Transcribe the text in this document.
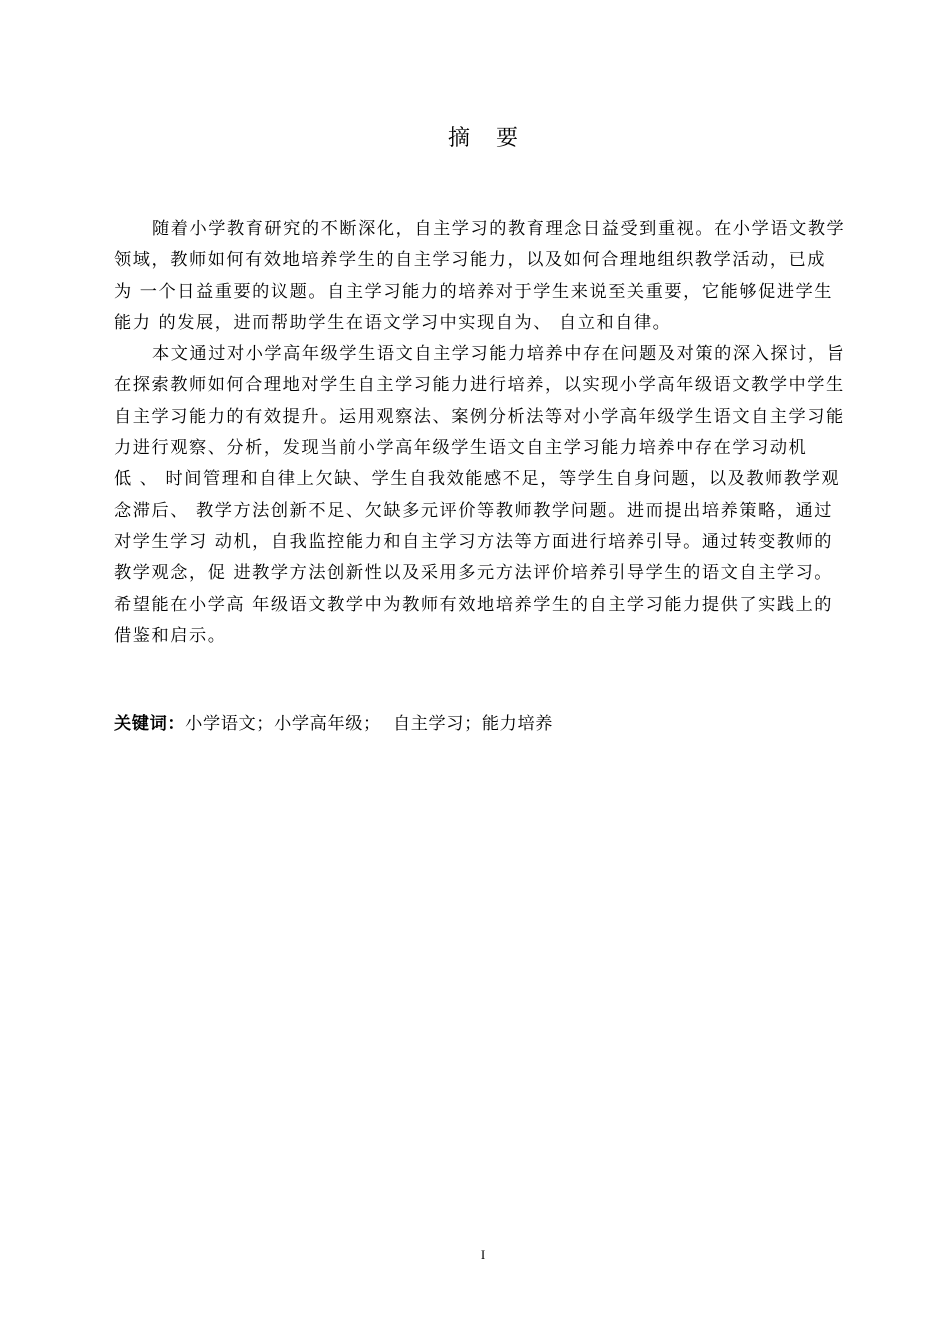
摘 要
随着小学教育研究的不断深化，自主学习的教育理念日益受到重视。在小学语文教学
领域，教师如何有效地培养学生的自主学习能力，以及如何合理地组织教学活动，已成
为 一个日益重要的议题。自主学习能力的培养对于学生来说至关重要，它能够促进学生
能力 的发展，进而帮助学生在语文学习中实现自为、 自立和自律。
本文通过对小学高年级学生语文自主学习能力培养中存在问题及对策的深入探讨，旨
在探索教师如何合理地对学生自主学习能力进行培养，以实现小学高年级语文教学中学生
自主学习能力的有效提升。运用观察法、案例分析法等对小学高年级学生语文自主学习能
力进行观察、分析，发现当前小学高年级学生语文自主学习能力培养中存在学习动机
低 、 时间管理和自律上欠缺、学生自我效能感不足，等学生自身问题，以及教师教学观
念滞后、 教学方法创新不足、欠缺多元评价等教师教学问题。进而提出培养策略，通过
对学生学习 动机，自我监控能力和自主学习方法等方面进行培养引导。通过转变教师的
教学观念，促 进教学方法创新性以及采用多元方法评价培养引导学生的语文自主学习。
希望能在小学高 年级语文教学中为教师有效地培养学生的自主学习能力提供了实践上的
借鉴和启示。
关键词：小学语文；小学高年级；  自主学习；能力培养
I
